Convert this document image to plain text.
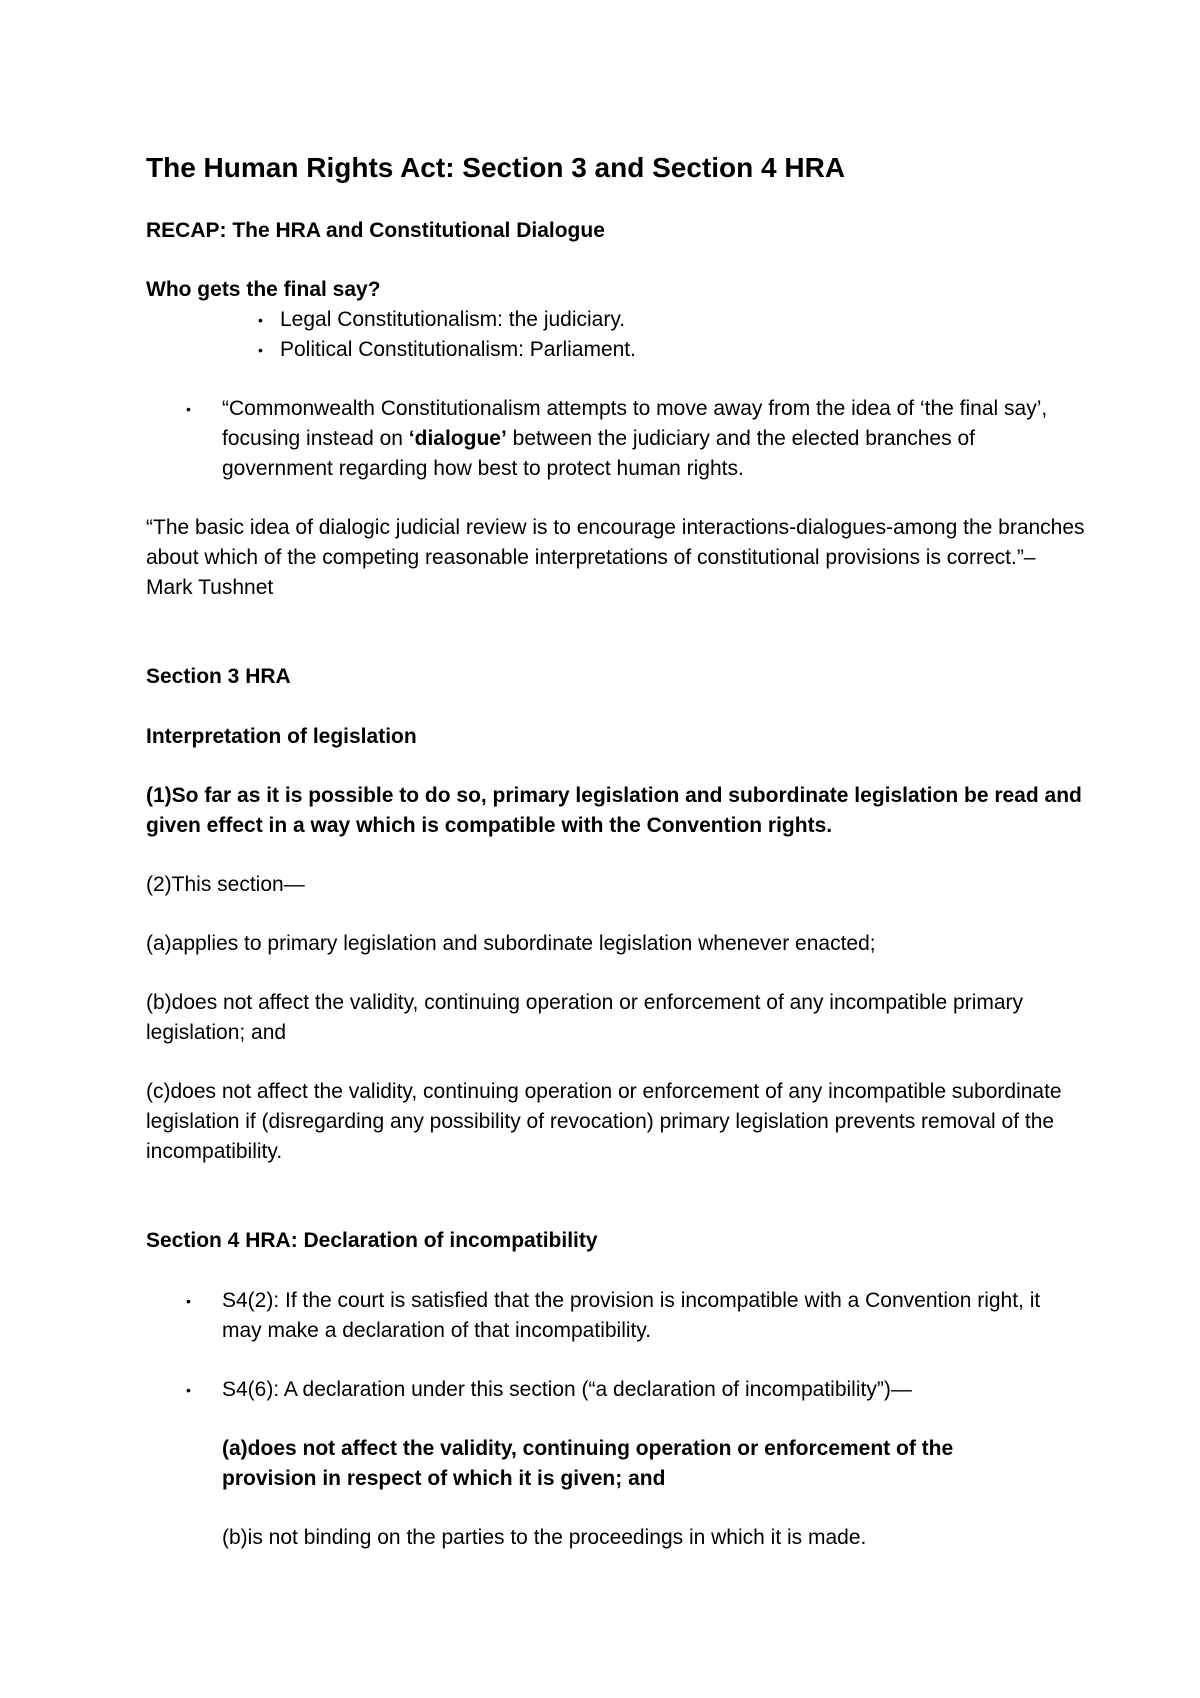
The Human Rights Act: Section 3 and Section 4 HRA

RECAP: The HRA and Constitutional Dialogue

Who gets the final say?

• Legal Constitutionalism: the judiciary.
• Political Constitutionalism: Parliament.
•	“Commonwealth Constitutionalism attempts to move away from the idea of ‘the final say’, focusing instead on ‘dialogue’ between the judiciary and the elected branches of government regarding how best to protect human rights.

“The basic idea of dialogic judicial review is to encourage interactions-dialogues-among the branches about which of the competing reasonable interpretations of constitutional provisions is correct.”– Mark Tushnet

Section 3 HRA

Interpretation of legislation

(1)So far as it is possible to do so, primary legislation and subordinate legislation be read and given effect in a way which is compatible with the Convention rights.

(2)This section—

(a)applies to primary legislation and subordinate legislation whenever enacted;

(b)does not affect the validity, continuing operation or enforcement of any incompatible primary legislation; and

(c)does not affect the validity, continuing operation or enforcement of any incompatible subordinate legislation if (disregarding any possibility of revocation) primary legislation prevents removal of the incompatibility.

Section 4 HRA: Declaration of incompatibility

•	S4(2): If the court is satisfied that the provision is incompatible with a Convention right, it may make a declaration of that incompatibility.
•	S4(6): A declaration under this section (“a declaration of incompatibility”)—

(a)does not affect the validity, continuing operation or enforcement of the provision in respect of which it is given; and

(b)is not binding on the parties to the proceedings in which it is made.
